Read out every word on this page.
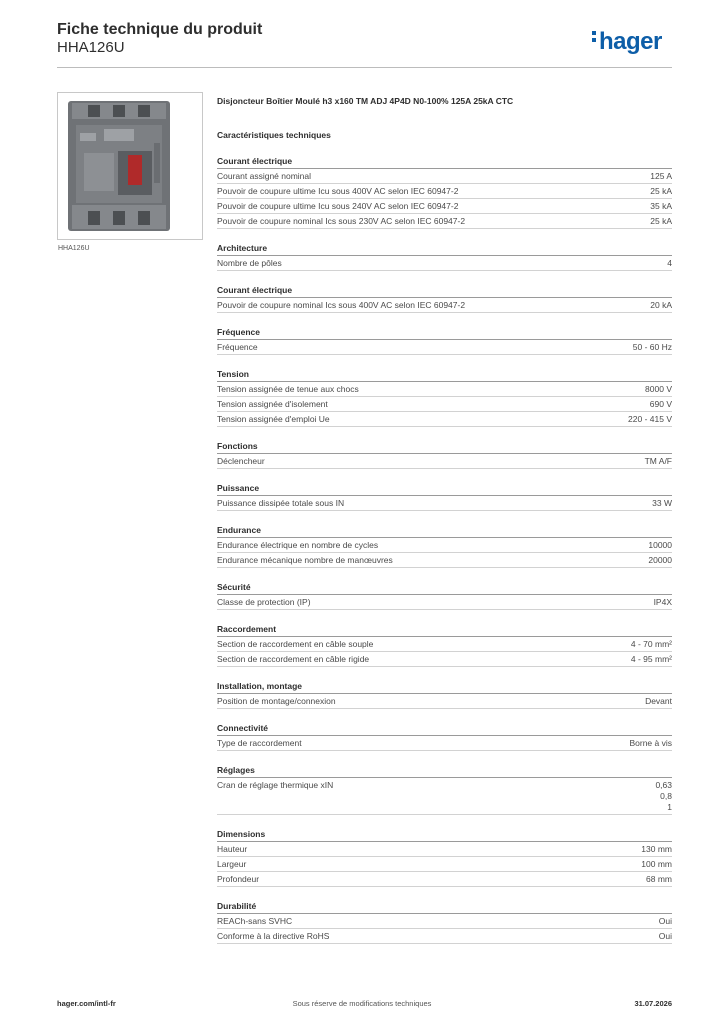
Fiche technique du produit
HHA126U	hager
HHA126U
Disjoncteur Boîtier Moulé h3 x160 TM ADJ 4P4D N0-100% 125A 25kA CTC
Caractéristiques techniques
Courant électrique
Courant assigné nominal	125 A
Pouvoir de coupure ultime Icu sous 400V AC selon IEC 60947-2	25 kA
Pouvoir de coupure ultime Icu sous 240V AC selon IEC 60947-2	35 kA
Pouvoir de coupure nominal Ics sous 230V AC selon IEC 60947-2	25 kA
Architecture
Nombre de pôles	4
Courant électrique
Pouvoir de coupure nominal Ics sous 400V AC selon IEC 60947-2	20 kA
Fréquence
Fréquence	50 - 60 Hz
Tension
Tension assignée de tenue aux chocs	8000 V
Tension assignée d'isolement	690 V
Tension assignée d'emploi Ue	220 - 415 V
Fonctions
Déclencheur	TM A/F
Puissance
Puissance dissipée totale sous IN	33 W
Endurance
Endurance électrique en nombre de cycles	10000
Endurance mécanique nombre de manœuvres	20000
Sécurité
Classe de protection (IP)	IP4X
Raccordement
Section de raccordement en câble souple	4 - 70 mm²
Section de raccordement en câble rigide	4 - 95 mm²
Installation, montage
Position de montage/connexion	Devant
Connectivité
Type de raccordement	Borne à vis
Réglages
Cran de réglage thermique xIN	0,63
0,8
1
Dimensions
Hauteur	130 mm
Largeur	100 mm
Profondeur	68 mm
Durabilité
REACh-sans SVHC	Oui
Conforme à la directive RoHS	Oui
hager.com/intl-fr	Sous réserve de modifications techniques	31.07.2026
